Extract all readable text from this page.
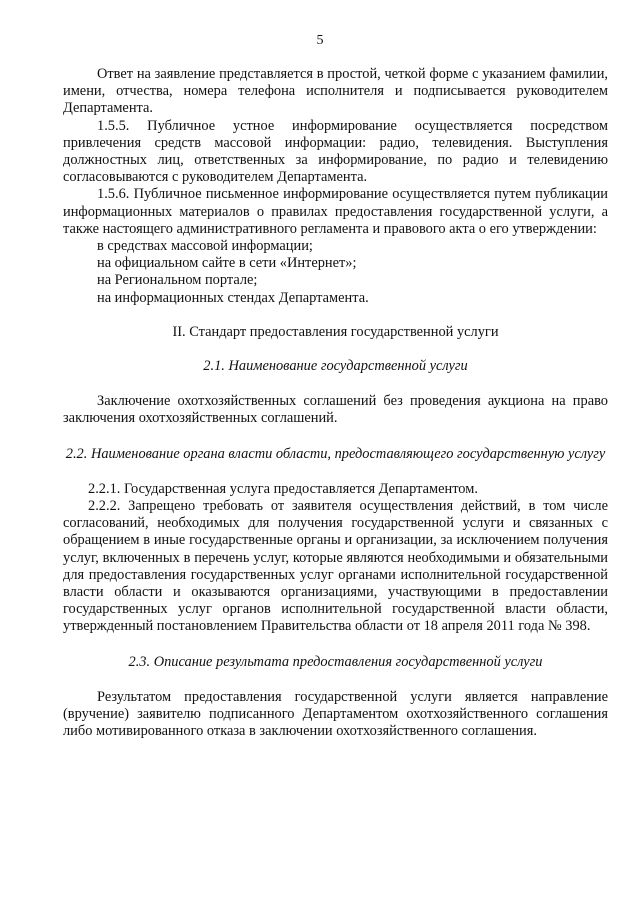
5

Ответ на заявление представляется в простой, четкой форме с указанием фамилии, имени, отчества, номера телефона исполнителя и подписывается руководителем Департамента.

1.5.5. Публичное устное информирование осуществляется посредством привлечения средств массовой информации: радио, телевидения. Выступления должностных лиц, ответственных за информирование, по радио и телевидению согласовываются с руководителем Департамента.

1.5.6. Публичное письменное информирование осуществляется путем публикации информационных материалов о правилах предоставления государственной услуги, а также настоящего административного регламента и правового акта о его утверждении:

в средствах массовой информации;

на официальном сайте в сети «Интернет»;

на Региональном портале;

на информационных стендах Департамента.

II. Стандарт предоставления государственной услуги

2.1. Наименование государственной услуги

Заключение охотхозяйственных соглашений без проведения аукциона на право заключения охотхозяйственных соглашений.

2.2. Наименование органа власти области, предоставляющего государственную услугу

2.2.1. Государственная услуга предоставляется Департаментом.

2.2.2. Запрещено требовать от заявителя осуществления действий, в том числе согласований, необходимых для получения государственной услуги и связанных с обращением в иные государственные органы и организации, за исключением получения услуг, включенных в перечень услуг, которые являются необходимыми и обязательными для предоставления государственных услуг органами исполнительной государственной власти области и оказываются организациями, участвующими в предоставлении государственных услуг органов исполнительной государственной власти области, утвержденный постановлением Правительства области от 18 апреля 2011 года № 398.

2.3. Описание результата предоставления государственной услуги

Результатом предоставления государственной услуги является направление (вручение) заявителю подписанного Департаментом охотхозяйственного соглашения либо мотивированного отказа в заключении охотхозяйственного соглашения.
